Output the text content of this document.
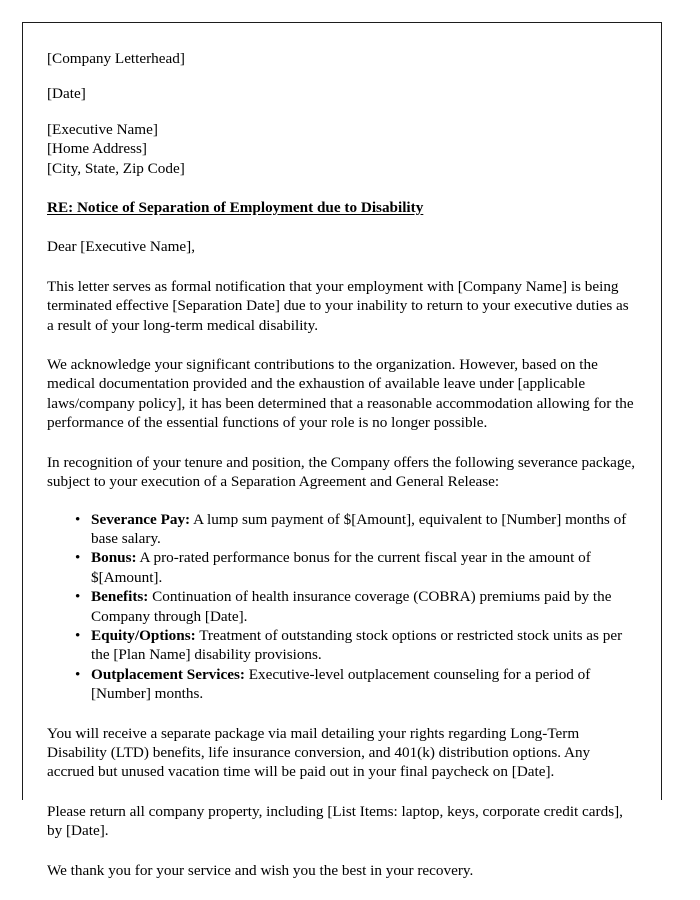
[Company Letterhead]
[Date]
[Executive Name]
[Home Address]
[City, State, Zip Code]
RE: Notice of Separation of Employment due to Disability
Dear [Executive Name],

This letter serves as formal notification that your employment with [Company Name] is being terminated effective [Separation Date] due to your inability to return to your executive duties as a result of your long-term medical disability.

We acknowledge your significant contributions to the organization. However, based on the medical documentation provided and the exhaustion of available leave under [applicable laws/company policy], it has been determined that a reasonable accommodation allowing for the performance of the essential functions of your role is no longer possible.

In recognition of your tenure and position, the Company offers the following severance package, subject to your execution of a Separation Agreement and General Release:

• Severance Pay: A lump sum payment of $[Amount], equivalent to [Number] months of base salary.
• Bonus: A pro-rated performance bonus for the current fiscal year in the amount of $[Amount].
• Benefits: Continuation of health insurance coverage (COBRA) premiums paid by the Company through [Date].
• Equity/Options: Treatment of outstanding stock options or restricted stock units as per the [Plan Name] disability provisions.
• Outplacement Services: Executive-level outplacement counseling for a period of [Number] months.

You will receive a separate package via mail detailing your rights regarding Long-Term Disability (LTD) benefits, life insurance conversion, and 401(k) distribution options. Any accrued but unused vacation time will be paid out in your final paycheck on [Date].

Please return all company property, including [List Items: laptop, keys, corporate credit cards], by [Date].

We thank you for your service and wish you the best in your recovery.
